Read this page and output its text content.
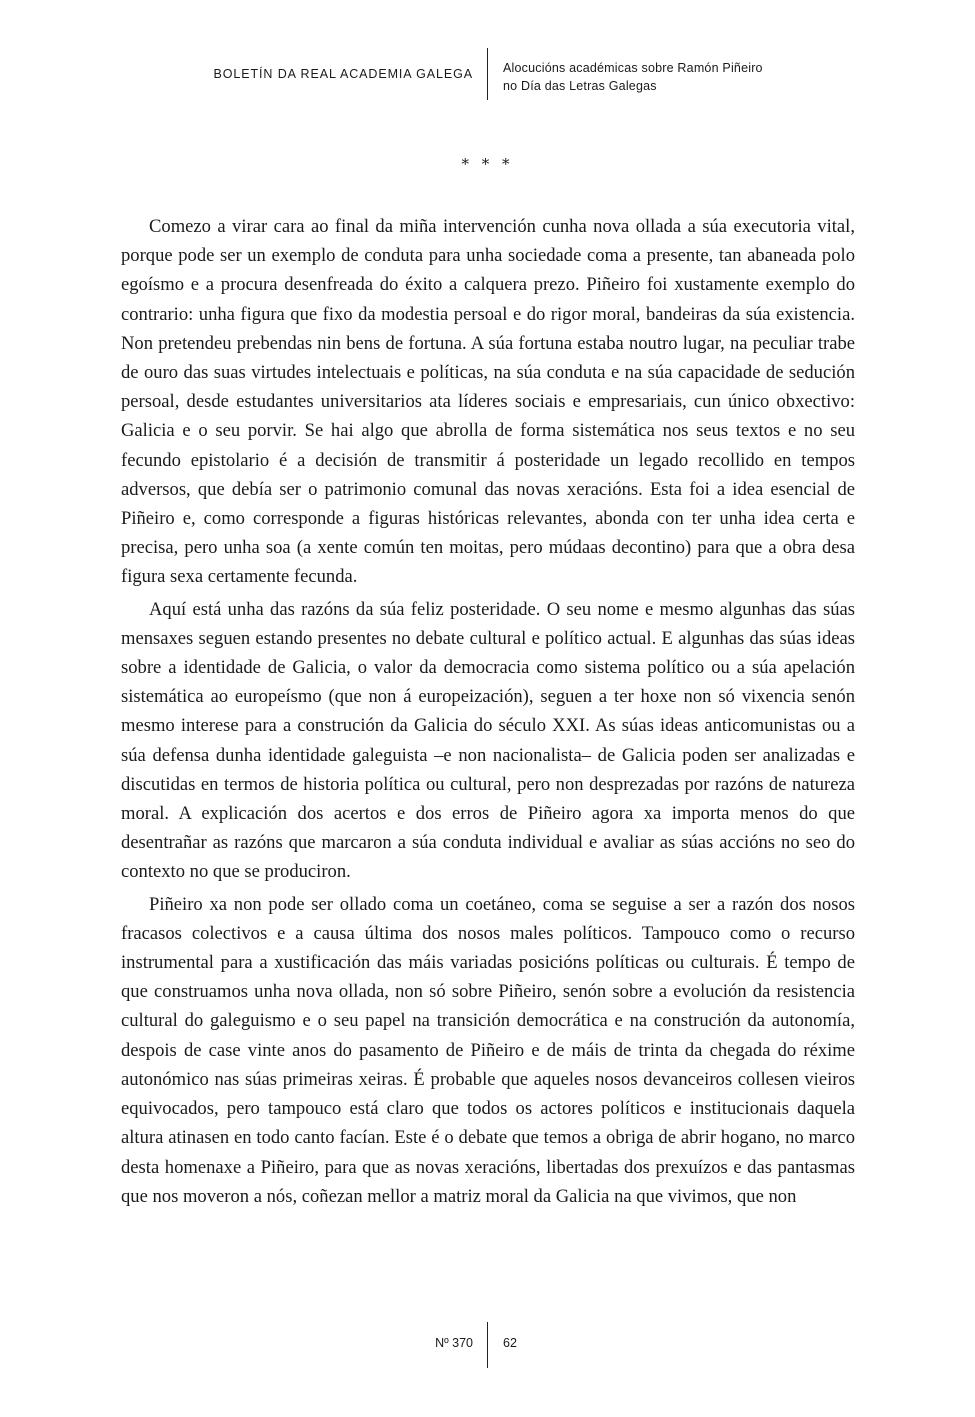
BOLETÍN DA REAL ACADEMIA GALEGA Alocucións académicas sobre Ramón Piñeiro
no Día das Letras Galegas
* * *

Comezo a virar cara ao final da miña intervención cunha nova ollada a súa executoria vital, porque pode ser un exemplo de conduta para unha sociedade coma a presente, tan abaneada polo egoísmo e a procura desenfreada do éxito a calquera prezo. Piñeiro foi xustamente exemplo do contrario: unha figura que fixo da modestia persoal e do rigor moral, bandeiras da súa existencia. Non pretendeu prebendas nin bens de fortuna. A súa fortuna estaba noutro lugar, na peculiar trabe de ouro das suas virtudes intelectuais e políticas, na súa conduta e na súa capacidade de sedución persoal, desde estudantes universitarios ata líderes sociais e empresariais, cun único obxectivo: Galicia e o seu porvir. Se hai algo que abrolla de forma sistemática nos seus textos e no seu fecundo epistolario é a decisión de transmitir á posteridade un legado recollido en tempos adversos, que debía ser o patrimonio comunal das novas xeracións. Esta foi a idea esencial de Piñeiro e, como corresponde a figuras históricas relevantes, abonda con ter unha idea certa e precisa, pero unha soa (a xente común ten moitas, pero múdaas decontino) para que a obra desa figura sexa certamente fecunda.

Aquí está unha das razóns da súa feliz posteridade. O seu nome e mesmo algunhas das súas mensaxes seguen estando presentes no debate cultural e político actual. E algunhas das súas ideas sobre a identidade de Galicia, o valor da democracia como sistema político ou a súa apelación sistemática ao europeísmo (que non á europeización), seguen a ter hoxe non só vixencia senón mesmo interese para a construción da Galicia do século XXI. As súas ideas anticomunistas ou a súa defensa dunha identidade galeguista –e non nacionalista– de Galicia poden ser analizadas e discutidas en termos de historia política ou cultural, pero non desprezadas por razóns de natureza moral. A explicación dos acertos e dos erros de Piñeiro agora xa importa menos do que desentrañar as razóns que marcaron a súa conduta individual e avaliar as súas accións no seo do contexto no que se produciron.

Piñeiro xa non pode ser ollado coma un coetáneo, coma se seguise a ser a razón dos nosos fracasos colectivos e a causa última dos nosos males políticos. Tampouco como o recurso instrumental para a xustificación das máis variadas posicións políticas ou culturais. É tempo de que construamos unha nova ollada, non só sobre Piñeiro, senón sobre a evolución da resistencia cultural do galeguismo e o seu papel na transición democrática e na construción da autonomía, despois de case vinte anos do pasamento de Piñeiro e de máis de trinta da chegada do réxime autonómico nas súas primeiras xeiras. É probable que aqueles nosos devanceiros collesen vieiros equivocados, pero tampouco está claro que todos os actores políticos e institucionais daquela altura atinasen en todo canto facían. Este é o debate que temos a obriga de abrir hogano, no marco desta homenaxe a Piñeiro, para que as novas xeracións, libertadas dos prexuízos e das pantasmas que nos moveron a nós, coñezan mellor a matriz moral da Galicia na que vivimos, que non

Nº 370 62
